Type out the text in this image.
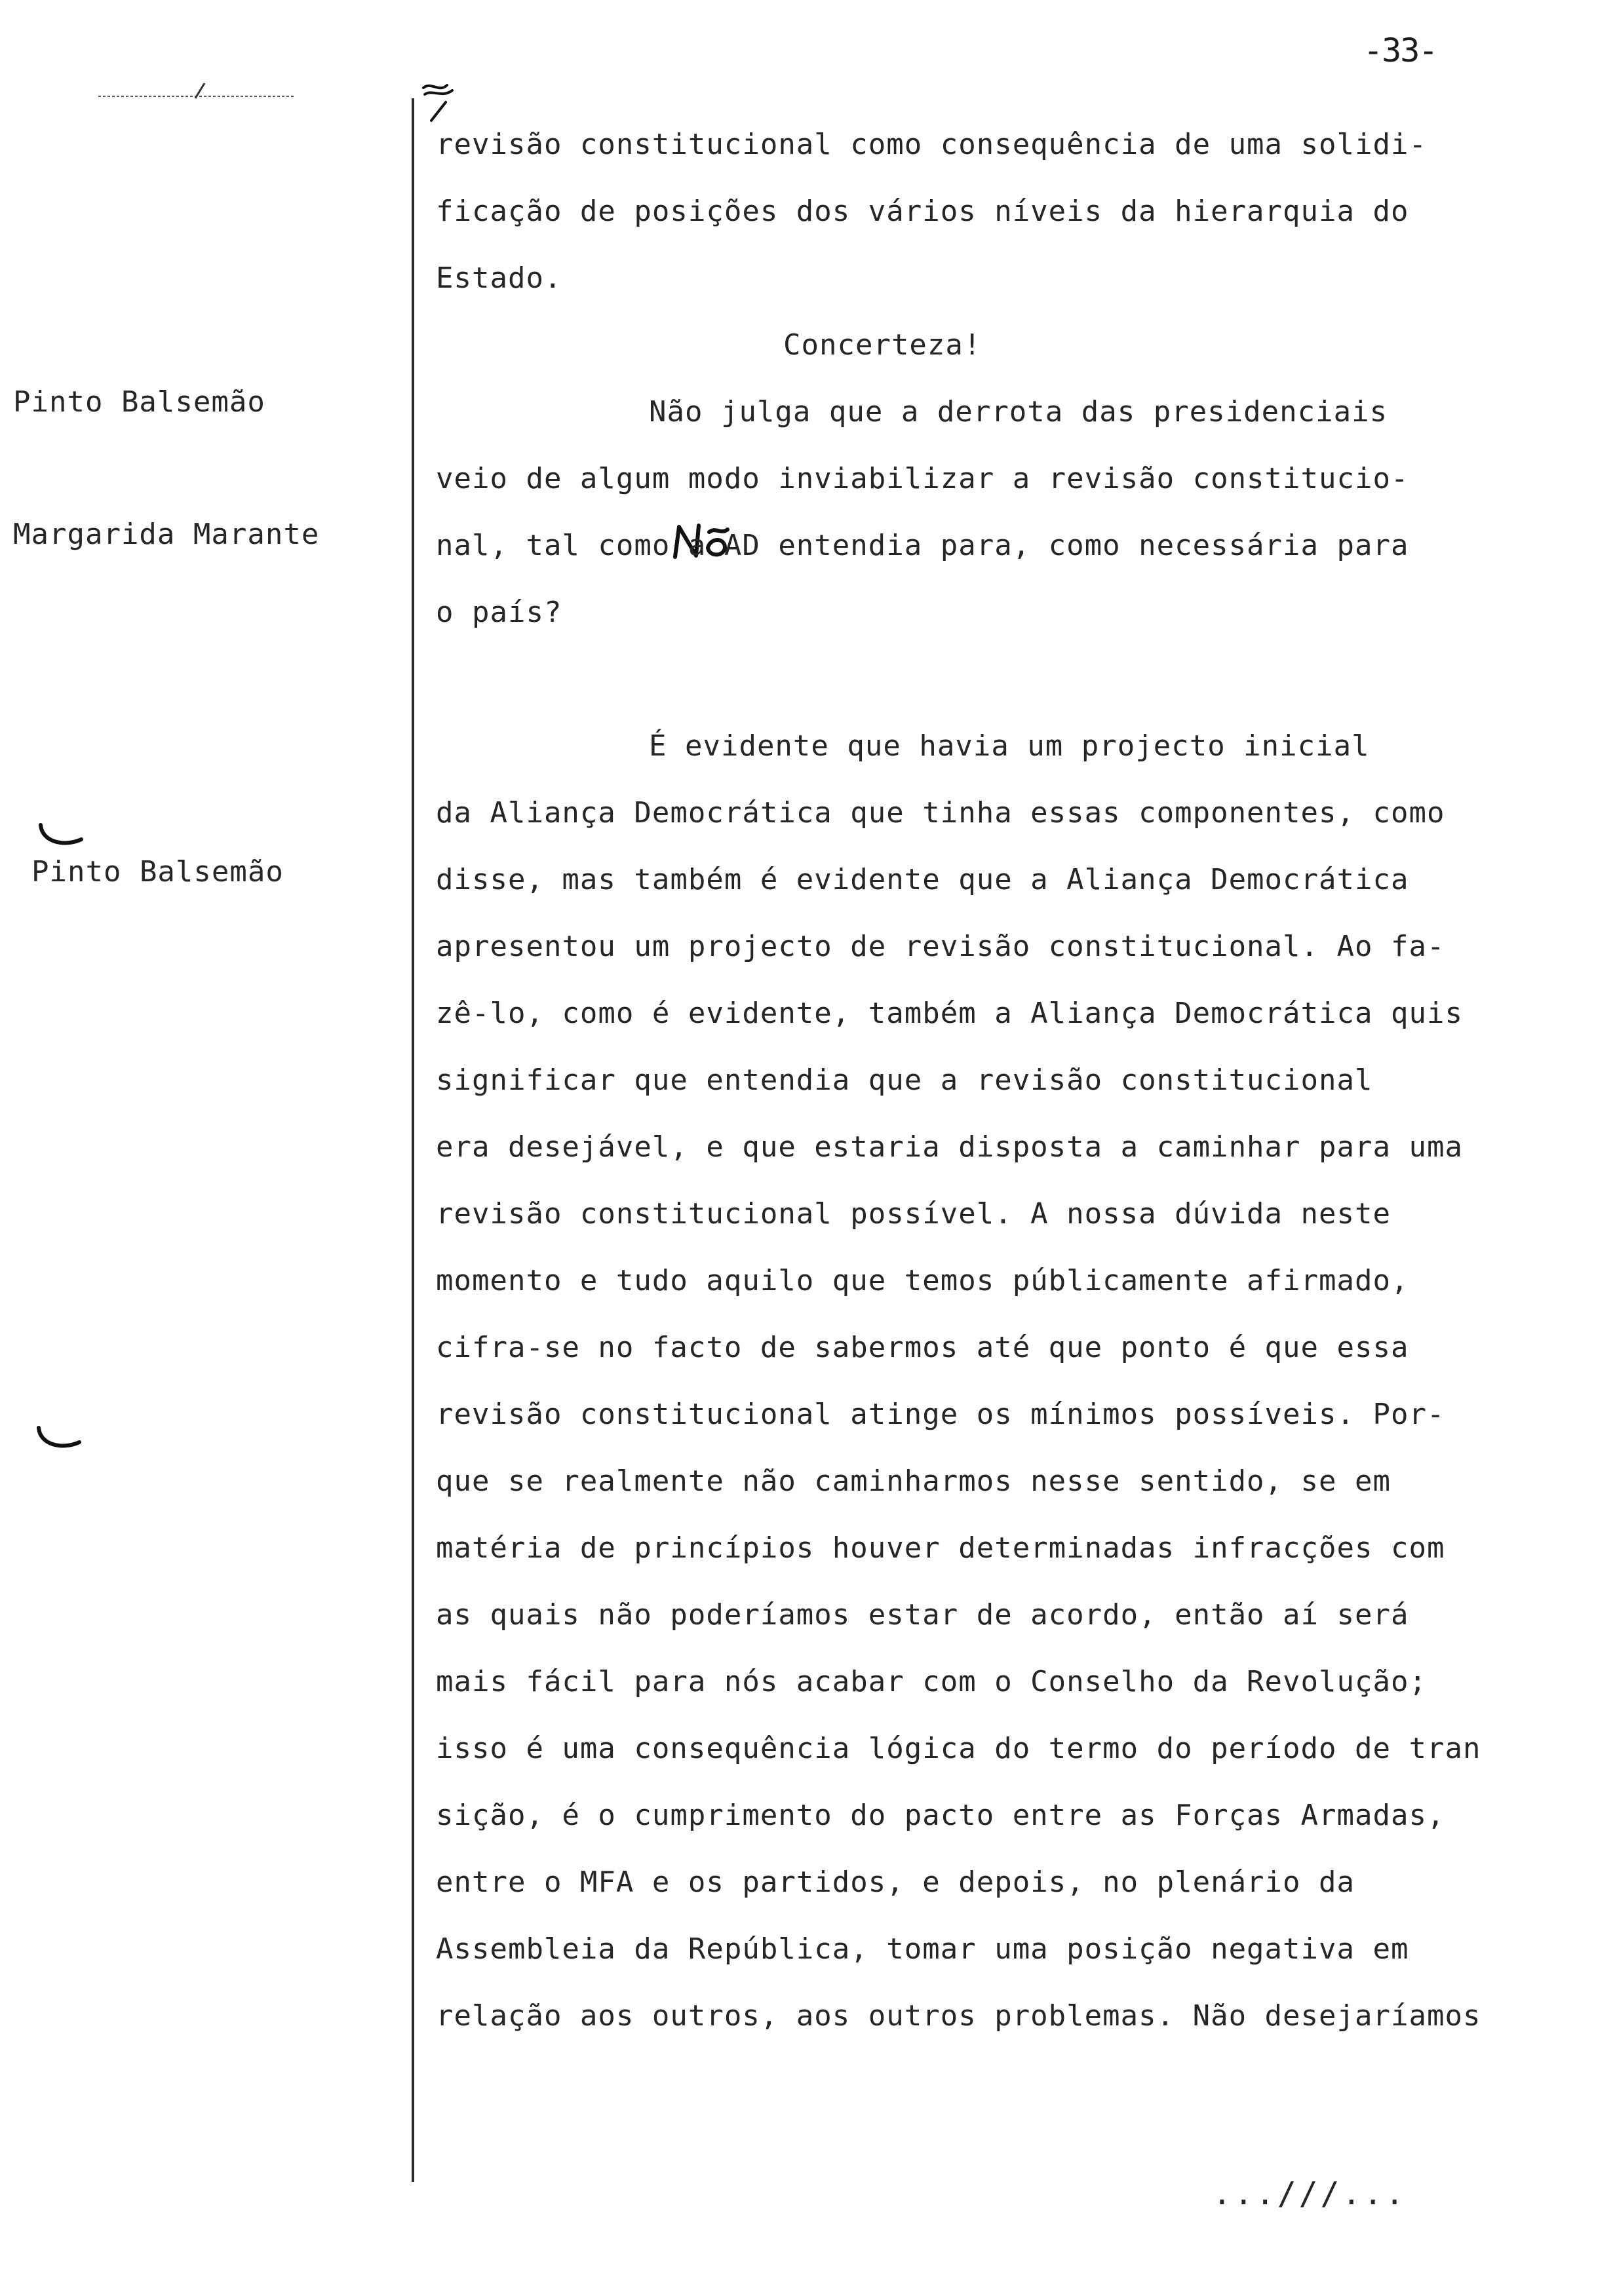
-33-
Pinto Balsemão
Margarida Marante
Pinto Balsemão
revisão constitucional como consequência de uma solidi-
ficação de posições dos vários níveis da hierarquia do
Estado.
Concerteza!
Não julga que a derrota das presidenciais
veio de algum modo inviabilizar a revisão constitucio-
nal, tal como a AD entendia para, como necessária para
o país?
É evidente que havia um projecto inicial
da Aliança Democrática que tinha essas componentes, como
disse, mas também é evidente que a Aliança Democrática
apresentou um projecto de revisão constitucional. Ao fa-
zê-lo, como é evidente, também a Aliança Democrática quis
significar que entendia que a revisão constitucional
era desejável, e que estaria disposta a caminhar para uma
revisão constitucional possível. A nossa dúvida neste
momento e tudo aquilo que temos públicamente afirmado,
cifra-se no facto de sabermos até que ponto é que essa
revisão constitucional atinge os mínimos possíveis. Por-
que se realmente não caminharmos nesse sentido, se em
matéria de princípios houver determinadas infracções com
as quais não poderíamos estar de acordo, então aí será
mais fácil para nós acabar com o Conselho da Revolução;
isso é uma consequência lógica do termo do período de tran
sição, é o cumprimento do pacto entre as Forças Armadas,
entre o MFA e os partidos, e depois, no plenário da
Assembleia da República, tomar uma posição negativa em
relação aos outros, aos outros problemas. Não desejaríamos
...///...
